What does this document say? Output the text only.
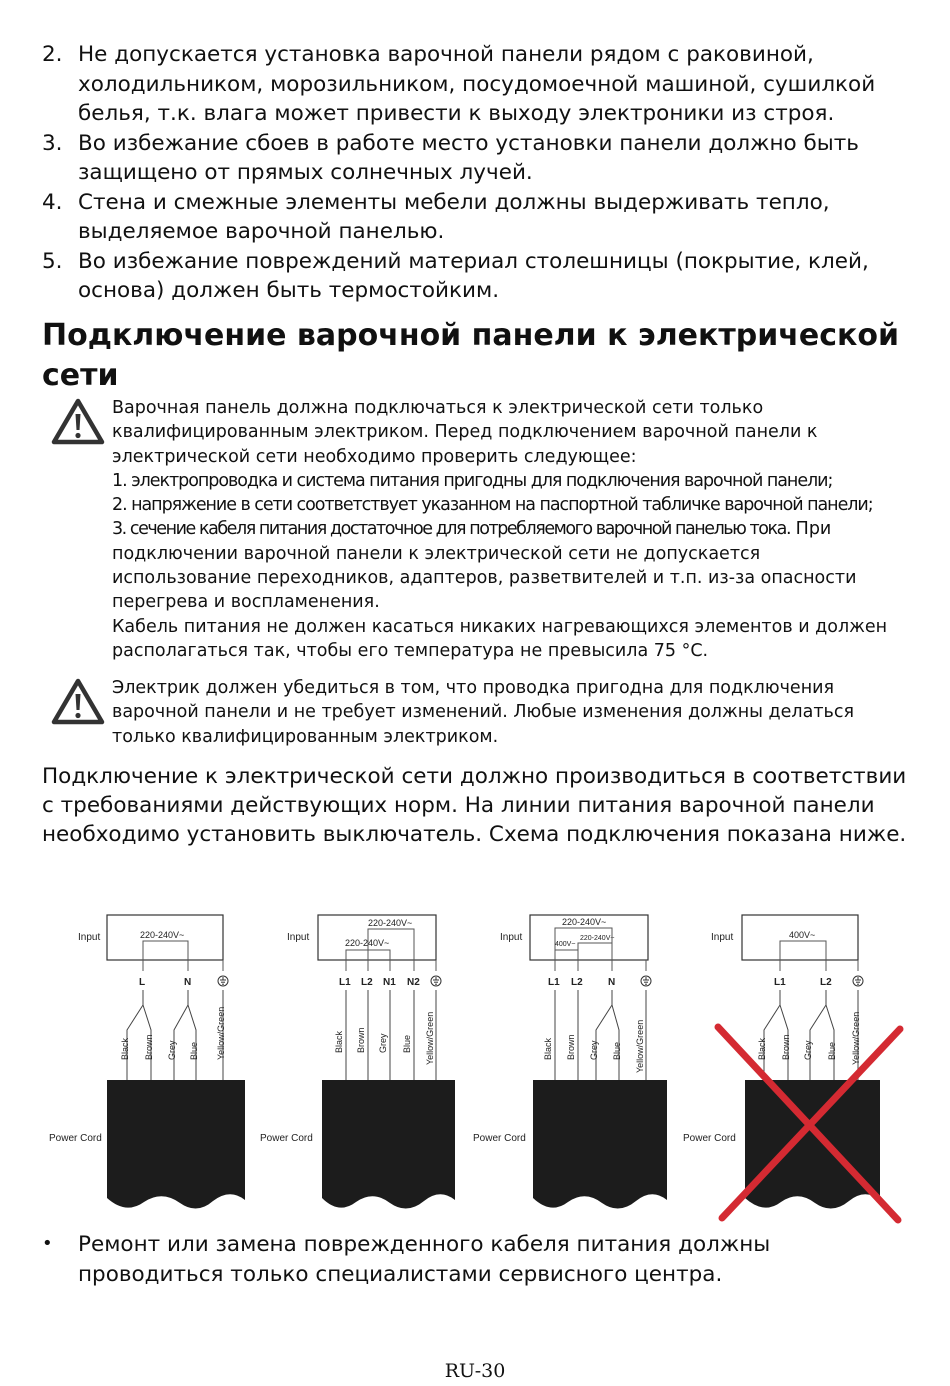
2. Не допускается установка варочной панели рядом с раковиной, холодильником, морозильником, посудомоечной машиной, сушилкой белья, т.к. влага может привести к выходу электроники из строя.
3. Во избежание сбоев в работе место установки панели должно быть защищено от прямых солнечных лучей.
4. Стена и смежные элементы мебели должны выдерживать тепло, выделяемое варочной панелью.
5. Во избежание повреждений материал столешницы (покрытие, клей, основа) должен быть термостойким.
Подключение варочной панели к электрической сети

Варочная панель должна подключаться к электрической сети только квалифицированным электриком. Перед подключением варочной панели к электрической сети необходимо проверить следующее:

1. электропроводка и система питания пригодны для подключения варочной панели;

2. напряжение в сети соответствует указанном на паспортной табличке варочной панели;

3. сечение кабеля питания достаточное для потребляемого варочной панелью тока. При подключении варочной панели к электрической сети не допускается использование переходников, адаптеров, разветвителей и т.п. из-за опасности перегрева и воспламенения.

Кабель питания не должен касаться никаких нагревающихся элементов и должен располагаться так, чтобы его температура не превысила 75 °C.

Электрик должен убедиться в том, что проводка пригодна для подключения варочной панели и не требует изменений. Любые изменения должны делаться только квалифицированным электриком.

Подключение к электрической сети должно производиться в соответствии с требованиями действующих норм. На линии питания варочной панели необходимо установить выключатель. Схема подключения показана ниже.

Input	220-240V~
L	N
Black Brown Grey Blue Yellow/Green
Power Cord
Input
220-240V~
220-240V~
L1 L2 N1 N2
Black Brown Grey Blue Yellow/Green
Power Cord
Input
220-240V~
400V~
220-240V~
L1 L2	N
Black Brown Grey Blue Yellow/Green
Power Cord
Input	400V~
L1	L2
Black Brown Grey Blue Yellow/Green
Power Cord
• Ремонт или замена поврежденного кабеля питания должны проводиться только специалистами сервисного центра.
RU-30
